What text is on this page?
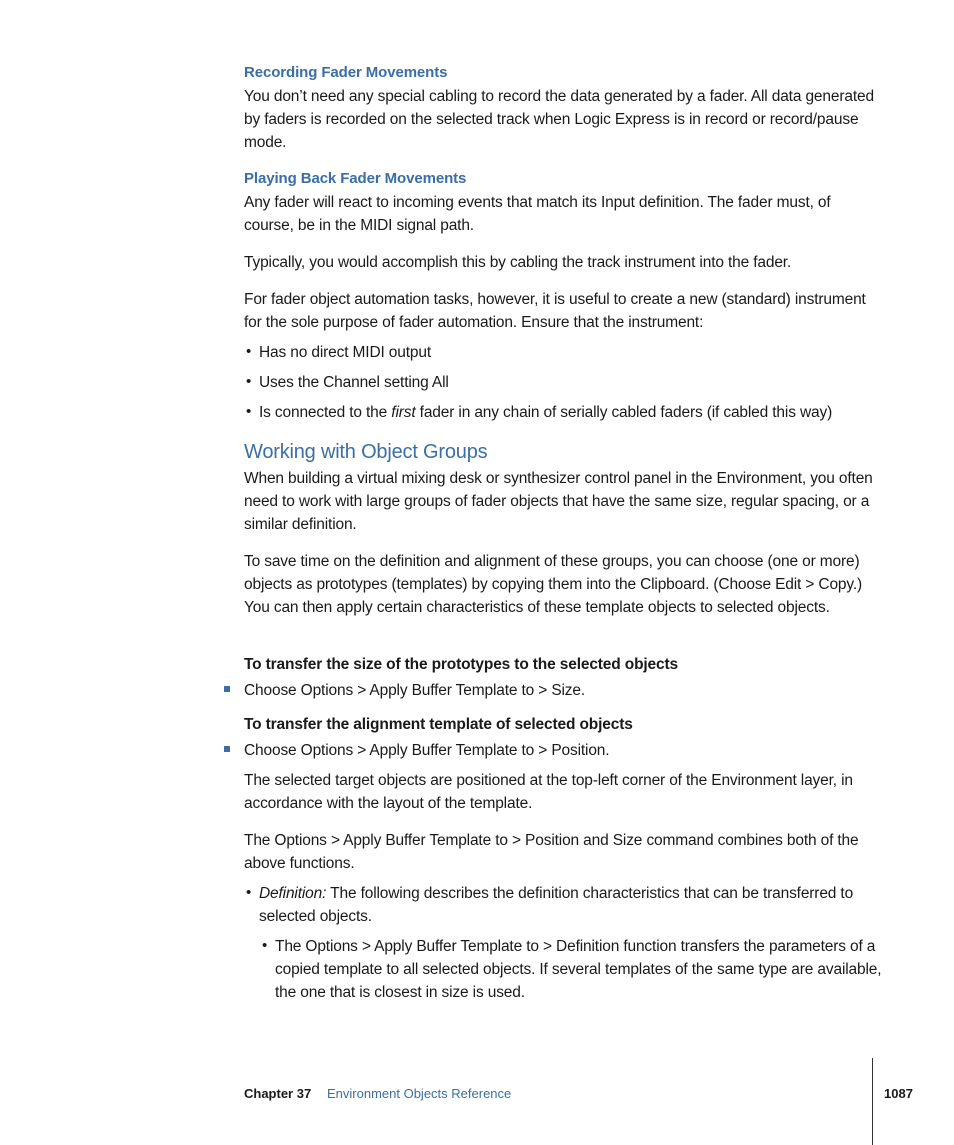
Recording Fader Movements
You don’t need any special cabling to record the data generated by a fader. All data generated by faders is recorded on the selected track when Logic Express is in record or record/pause mode.
Playing Back Fader Movements
Any fader will react to incoming events that match its Input definition. The fader must, of course, be in the MIDI signal path.
Typically, you would accomplish this by cabling the track instrument into the fader.
For fader object automation tasks, however, it is useful to create a new (standard) instrument for the sole purpose of fader automation. Ensure that the instrument:
• Has no direct MIDI output
• Uses the Channel setting All
• Is connected to the first fader in any chain of serially cabled faders (if cabled this way)
Working with Object Groups
When building a virtual mixing desk or synthesizer control panel in the Environment, you often need to work with large groups of fader objects that have the same size, regular spacing, or a similar definition.
To save time on the definition and alignment of these groups, you can choose (one or more) objects as prototypes (templates) by copying them into the Clipboard. (Choose Edit > Copy.) You can then apply certain characteristics of these template objects to selected objects.
To transfer the size of the prototypes to the selected objects
Choose Options > Apply Buffer Template to > Size.
To transfer the alignment template of selected objects
Choose Options > Apply Buffer Template to > Position.
The selected target objects are positioned at the top-left corner of the Environment layer, in accordance with the layout of the template.
The Options > Apply Buffer Template to > Position and Size command combines both of the above functions.
• Definition: The following describes the definition characteristics that can be transferred to selected objects.
• The Options > Apply Buffer Template to > Definition function transfers the parameters of a copied template to all selected objects. If several templates of the same type are available, the one that is closest in size is used.
Chapter 37 Environment Objects Reference	1087
